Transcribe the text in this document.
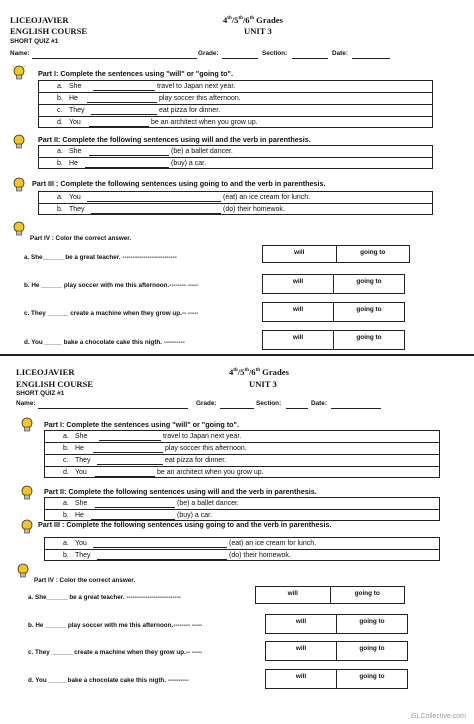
LICEOJAVIER
ENGLISH COURSE
SHORT QUIZ #1
4th/5th/6th Grades
UNIT 3
Name:	Grade:	Section:	Date:
Part I: Complete the sentences using "will" or "going to".
a. She	travel to Japan next year.
b. He	play soccer this afternoon.
c. They	eat pizza for dinner.
d. You	be an architect when you grow up.
Part II: Complete the following sentences using will and the verb in parenthesis.
a. She	(be) a ballet dancer.
b. He	(buy) a car.
Part III : Complete the following sentences using going to and the verb in parenthesis.
a. You	(eat) an ice cream for lunch.
b. They	(do) their homewok.
Part IV : Color the correct answer.
a. She______ be a great teacher. --------------------------
will	going to
b. He ______ play soccer with me this afternoon.-------- -----
will	going to
c. They ______ create a machine when they grow up.-- -----
will	going to
d. You _____ bake a chocolate cake this nigth. ----------
will	going to
LICEOJAVIER
ENGLISH COURSE
SHORT QUIZ #1
4th/5th/6th Grades
UNIT 3
Name:	Grade:	Section:	Date:
Part I: Complete the sentences using "will" or "going to".
a. She	travel to Japan next year.
b. He	play soccer this afternoon.
c. They	eat pizza for dinner.
d. You	be an architect when you grow up.
Part II: Complete the following sentences using will and the verb in parenthesis.
a. She	(be) a ballet dancer.
b. He	(buy) a car.
Part III : Complete the following sentences using going to and the verb in parenthesis.
a. You	(eat) an ice cream for lunch.
b. They	(do) their homewok.
Part IV : Color the correct answer.
a. She______ be a great teacher. --------------------------
will	going to
b. He ______ play soccer with me this afternoon.-------- -----
will	going to
c. They ______ create a machine when they grow up.-- -----
will	going to
d. You _____ bake a chocolate cake this nigth. ----------
will	going to
iSLCollective.com
